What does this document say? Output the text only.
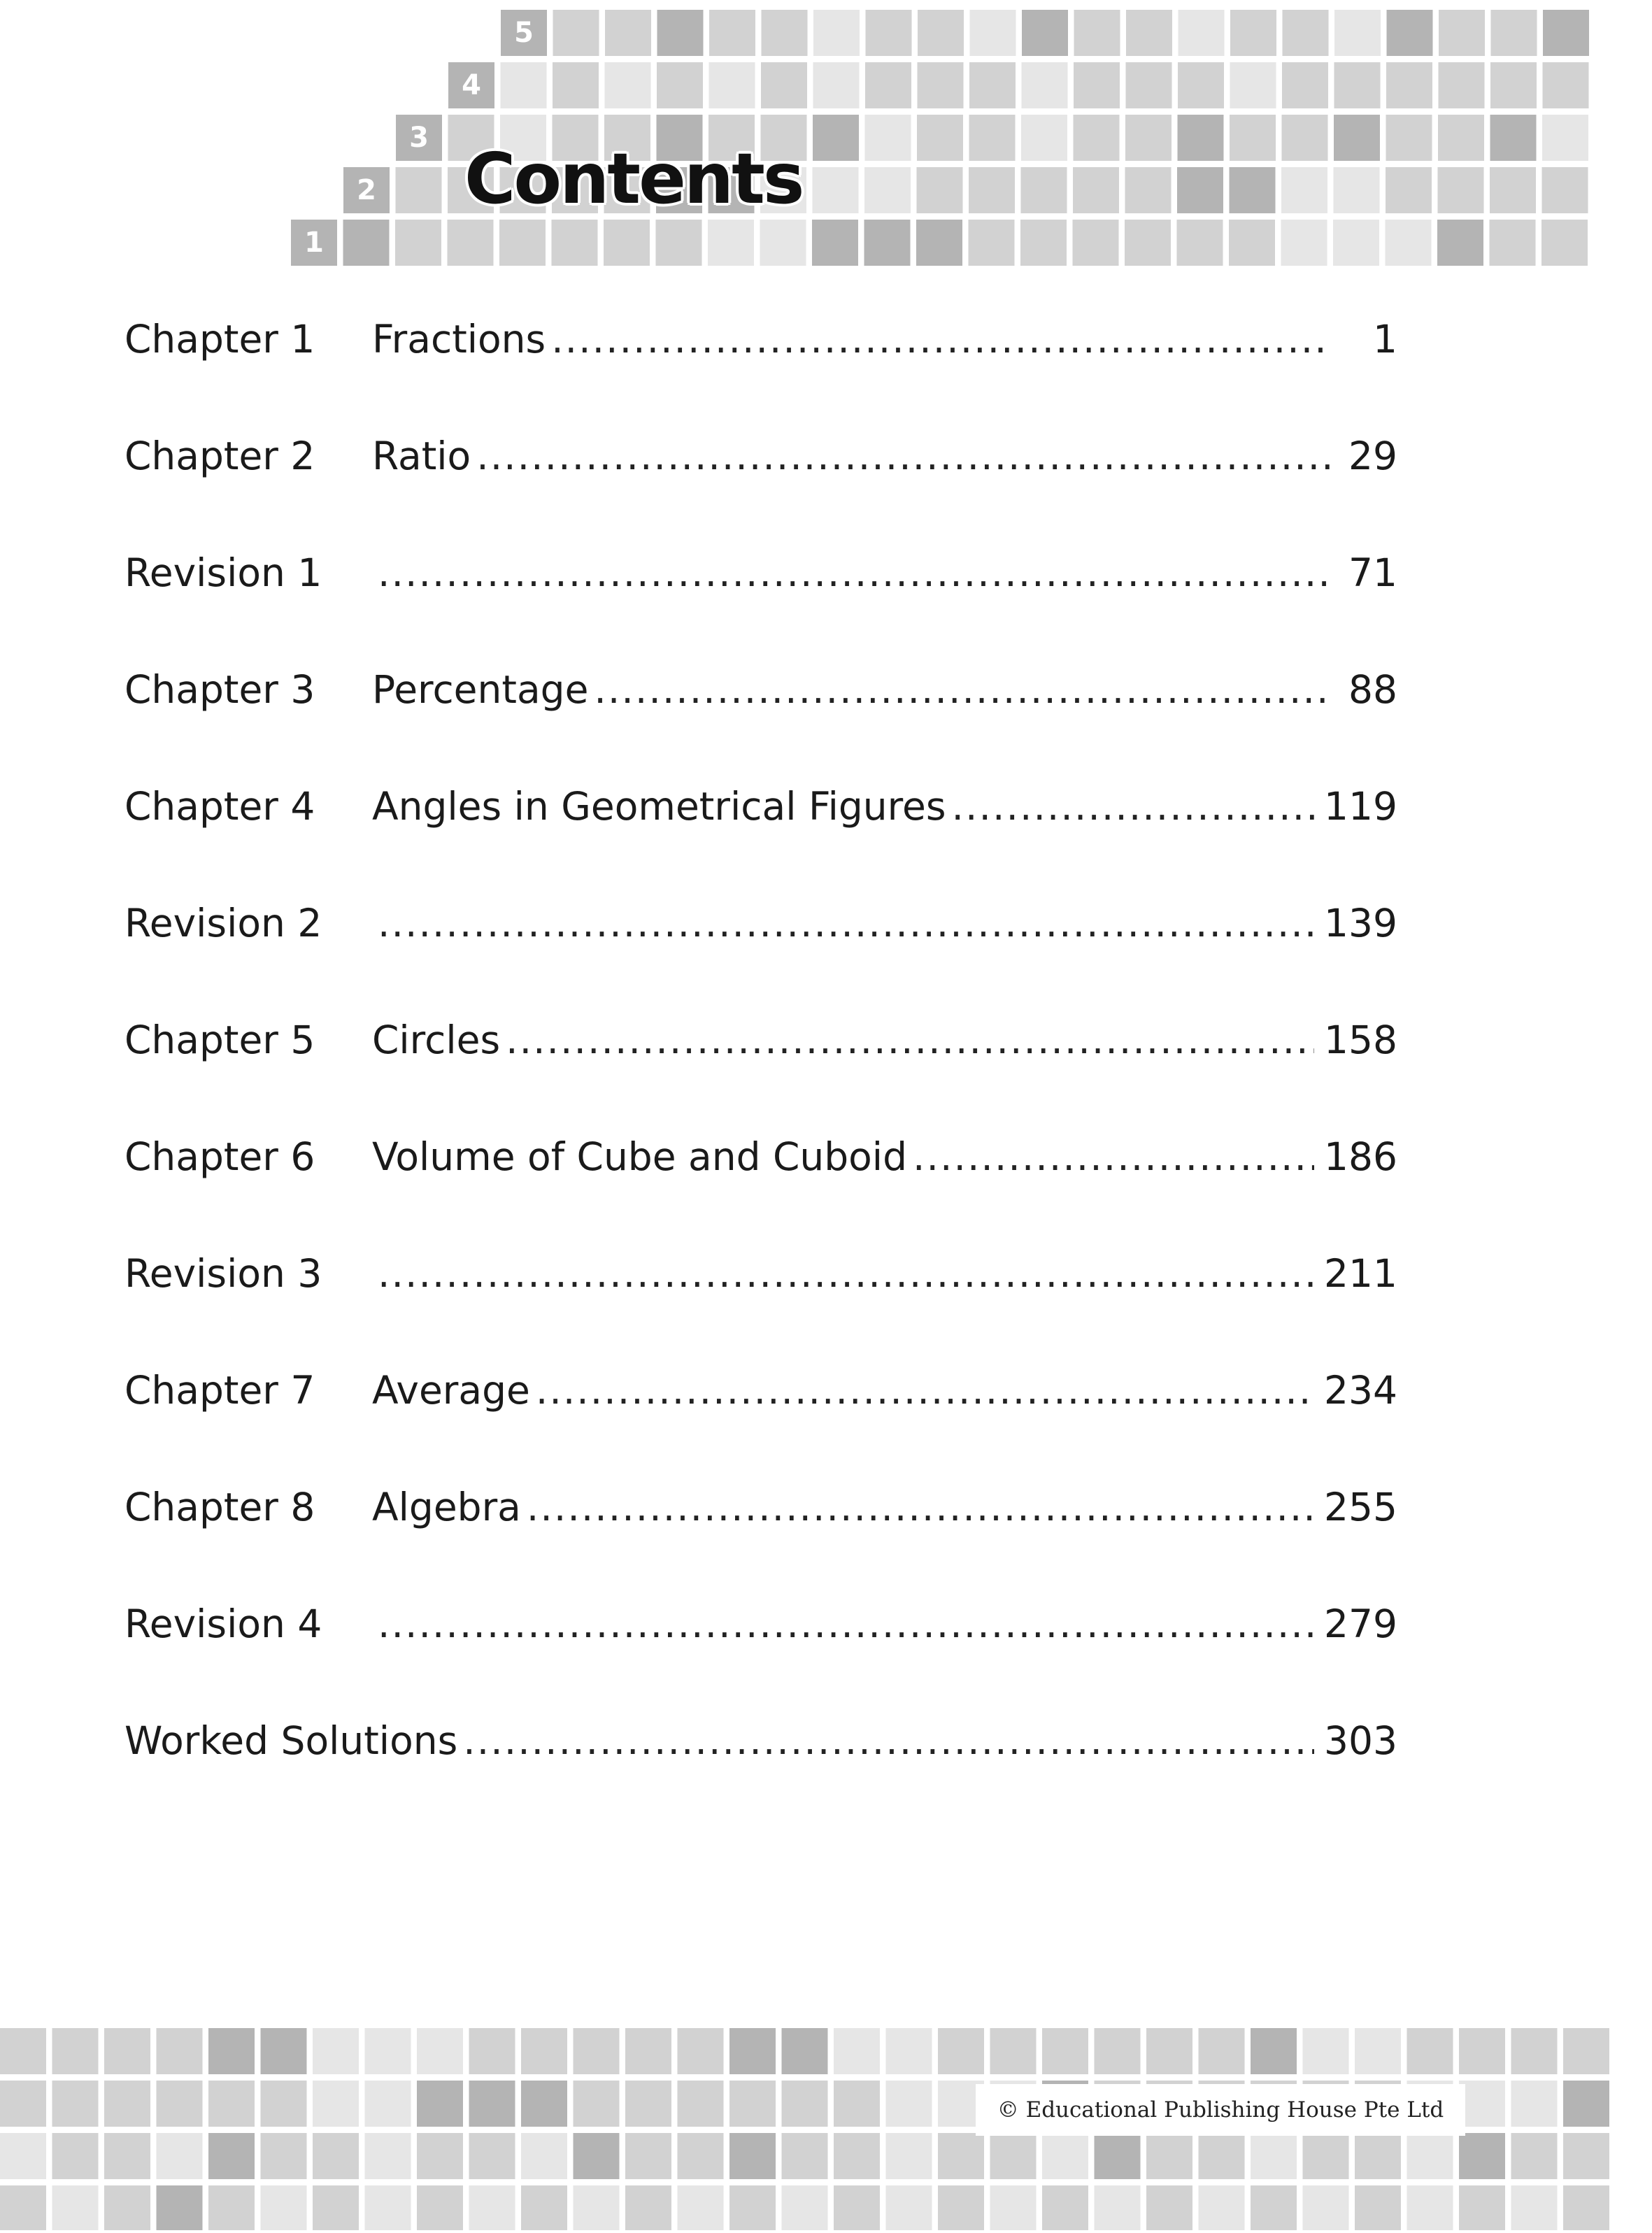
Contents
Chapter 1	Fractions .....	1
Chapter 2	Ratio .....	29
Revision 1 .....	71
Chapter 3	Percentage .....	88
Chapter 4	Angles in Geometrical Figures .....	119
Revision 2 .....	139
Chapter 5	Circles .....	158
Chapter 6	Volume of Cube and Cuboid .....	186
Revision 3 .....	211
Chapter 7	Average .....	234
Chapter 8	Algebra .....	255
Revision 4 .....	279
Worked Solutions .....	303
© Educational Publishing House Pte Ltd
1
2
3
4
5
